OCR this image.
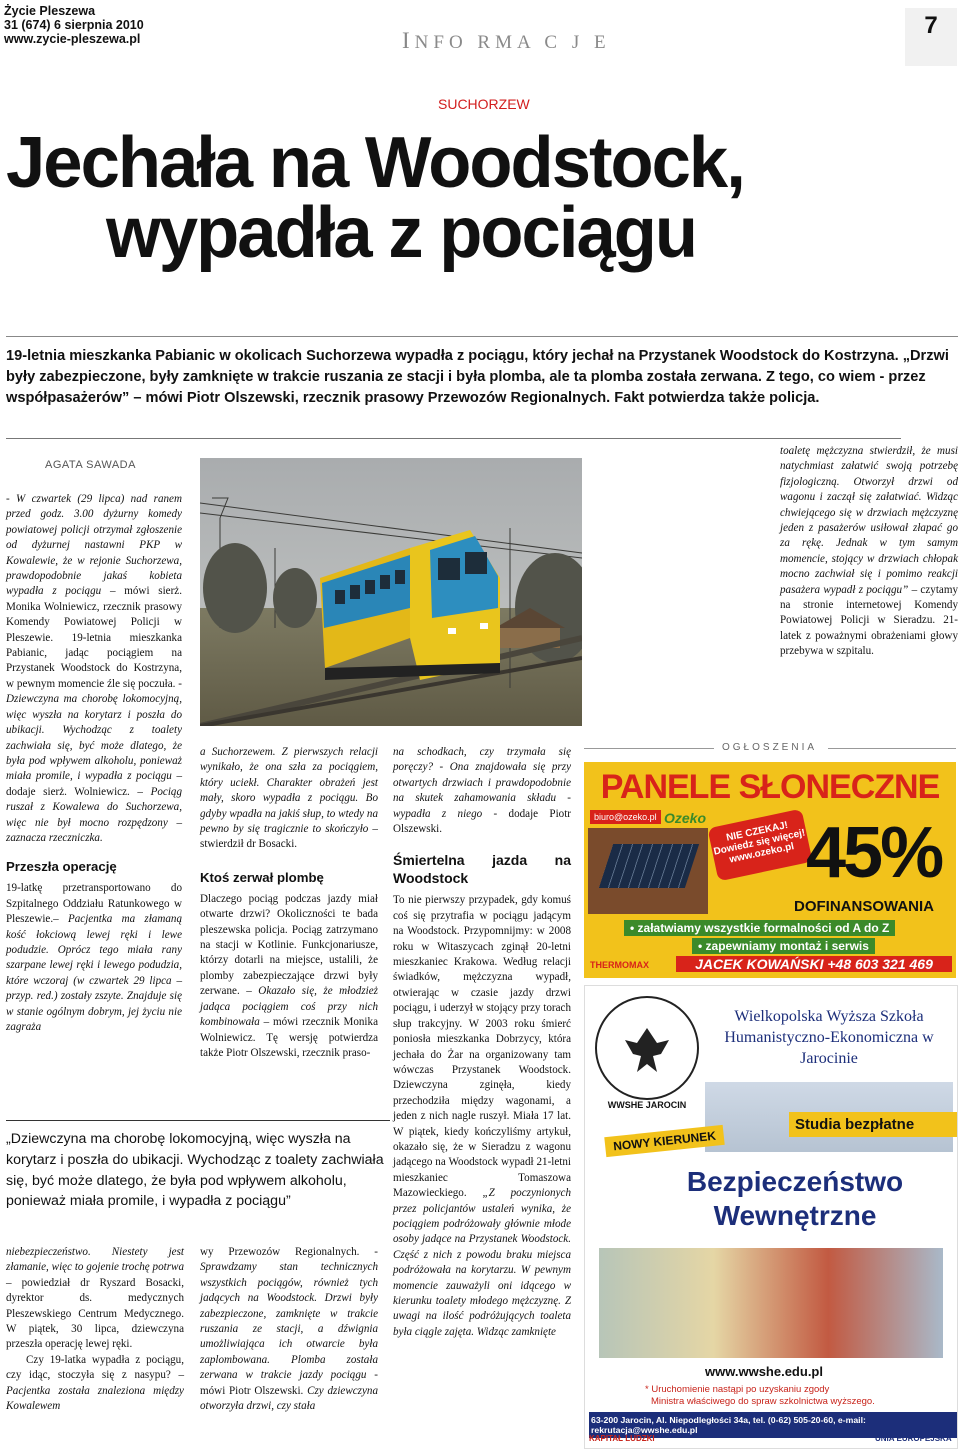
Życie Pleszewa
31 (674) 6 sierpnia 2010
www.zycie-pleszewa.pl	INFO RMA C J E
7
SUCHORZEW
Jechała na Woodstock,
wypadła z pociągu
19-letnia mieszkanka Pabianic w okolicach Suchorzewa wypadła z pociągu, który jechał na Przystanek Woodstock do Kostrzyna. „Drzwi były zabezpieczone, były zamknięte w trakcie ruszania ze stacji i była plomba, ale ta plomba została zerwana. Z tego, co wiem - przez współpasażerów” – mówi Piotr Olszewski, rzecznik prasowy Przewozów Regionalnych. Fakt potwierdza także policja.
AGATA SAWADA

- W czwartek (29 lipca) nad ranem przed godz. 3.00 dyżurny komedy powiatowej policji otrzymał zgłoszenie od dyżurnej nastawni PKP w Kowalewie, że w rejonie Suchorzewa, prawdopodobnie jakaś kobieta wypadła z pociągu – mówi sierż. Monika Wolniewicz, rzecznik prasowy Komendy Powiatowej Policji w Pleszewie. 19-letnia mieszkanka Pabianic, jadąc pociągiem na Przystanek Woodstock do Kostrzyna, w pewnym momencie źle się poczuła. - Dziewczyna ma chorobę lokomocyjną, więc wyszła na korytarz i poszła do ubikacji. Wychodząc z toalety zachwiała się, być może dlatego, że była pod wpływem alkoholu, ponieważ miała promile, i wypadła z pociągu – dodaje sierż. Wolniewicz. – Pociąg ruszał z Kowalewa do Suchorzewa, więc nie był mocno rozpędzony – zaznacza rzeczniczka.

Przeszła operację

19-latkę przetransportowano do Szpitalnego Oddziału Ratunkowego w Pleszewie.– Pacjentka ma złamaną kość łokciową lewej ręki i lewe podudzie. Oprócz tego miała rany szarpane lewej ręki i lewego podudzia, które wczoraj (w czwartek 29 lipca – przyp. red.) zostały zszyte. Znajduje się w stanie ogólnym dobrym, jej życiu nie zagraża

a Suchorzewem. Z pierwszych relacji wynikało, że ona szła za pociągiem, który uciekł. Charakter obrażeń jest mały, skoro wypadła z pociągu. Bo gdyby wpadła na jakiś słup, to wtedy na pewno by się tragicznie to skończyło – stwierdził dr Bosacki.

Ktoś zerwał plombę

Dlaczego pociąg podczas jazdy miał otwarte drzwi? Okoliczności te bada pleszewska policja. Pociąg zatrzymano na stacji w Kotlinie. Funkcjonariusze, którzy dotarli na miejsce, ustalili, że plomby zabezpieczające drzwi były zerwane. – Okazało się, że młodzież jadąca pociągiem coś przy nich kombinowała – mówi rzecznik Monika Wolniewicz. Tę wersję potwierdza także Piotr Olszewski, rzecznik praso-

na schodkach, czy trzymała się poręczy? - Ona znajdowała się przy otwartych drzwiach i prawdopodobnie na skutek zahamowania składu - wypadła z niego - dodaje Piotr Olszewski.

Śmiertelna jazda na Woodstock

To nie pierwszy przypadek, gdy komuś coś się przytrafia w pociągu jadącym na Woodstock. Przypomnijmy: w 2008 roku w Witaszycach zginął 20-letni mieszkaniec Krakowa. Według relacji świadków, mężczyzna wypadł, otwierając w czasie jazdy drzwi pociągu, i uderzył w stojący przy torach słup trakcyjny. W 2003 roku śmierć poniosła mieszkanka Dobrzycy, która jechała do Żar na organizowany tam wówczas Przystanek Woodstock. Dziewczyna zginęła, kiedy przechodziła między wagonami, a jeden z nich nagle ruszył. Miała 17 lat. W piątek, kiedy kończyliśmy artykuł, okazało się, że w Sieradzu z wagonu jadącego na Woodstock wypadł 21-letni mieszkaniec Tomaszowa Mazowieckiego. „Z poczynionych przez policjantów ustaleń wynika, że pociągiem podróżowały głównie młode osoby jadące na Przystanek Woodstock. Część z nich z powodu braku miejsca podróżowała na korytarzu. W pewnym momencie zauważyli oni idącego w kierunku toalety młodego mężczyznę. Z uwagi na ilość podróżujących toaleta była ciągle zajęta. Widząc zamknięte

toaletę mężczyzna stwierdził, że musi natychmiast załatwić swoją potrzebę fizjologiczną. Otworzył drzwi od wagonu i zaczął się załatwiać. Widząc chwiejącego się w drzwiach mężczyznę jeden z pasażerów usiłował złapać go za rękę. Jednak w tym samym momencie, stojący w drzwiach chłopak mocno zachwiał się i pomimo reakcji pasażera wypadł z pociągu” – czytamy na stronie internetowej Komendy Powiatowej Policji w Sieradzu. 21-latek z poważnymi obrażeniami głowy przebywa w szpitalu.

„Dziewczyna ma chorobę lokomocyjną, więc wyszła na korytarz i poszła do ubikacji. Wychodząc z toalety zachwiała się, być może dlatego, że była pod wpływem alkoholu, ponieważ miała promile, i wypadła z pociągu”

niebezpieczeństwo. Niestety jest złamanie, więc to gojenie trochę potrwa – powiedział dr Ryszard Bosacki, dyrektor ds. medycznych Pleszewskiego Centrum Medycznego. W piątek, 30 lipca, dziewczyna przeszła operację lewej ręki.

Czy 19-latka wypadła z pociągu, czy idąc, stoczyła się z nasypu? – Pacjentka została znaleziona między Kowalewem

wy Przewozów Regionalnych. - Sprawdzamy stan technicznych wszystkich pociągów, również tych jadących na Woodstock. Drzwi były zabezpieczone, zamknięte w trakcie ruszania ze stacji, a dźwignia umożliwiająca ich otwarcie była zaplombowana. Plomba została zerwana w trakcie jazdy pociągu - mówi Piotr Olszewski. Czy dziewczyna otworzyła drzwi, czy stała

OGŁOSZENIA
PANELE SŁONECZNE
biuro@ozeko.pl Ozeko
NIE CZEKAJ! Dowiedz się więcej! www.ozeko.pl 45%
DOFINANSOWANIA
• załatwiamy wszystkie formalności od A do Z
• zapewniamy montaż i serwis
THERMOMAX	JACEK KOWAŃSKI +48 603 321 469
WWSHE JAROCIN
Wielkopolska Wyższa Szkoła Humanistyczno-Ekonomiczna w Jarocinie
NOWY KIERUNEK
Studia bezpłatne
Bezpieczeństwo
Wewnętrzne
www.wwshe.edu.pl
* Uruchomienie nastąpi po uzyskaniu zgody
Ministra właściwego do spraw szkolnictwa wyższego.
63-200 Jarocin, Al. Niepodległości 34a, tel. (0-62) 505-20-60, e-mail: rekrutacja@wwshe.edu.pl
KAPITAŁ LUDZKI	UNIA EUROPEJSKA
